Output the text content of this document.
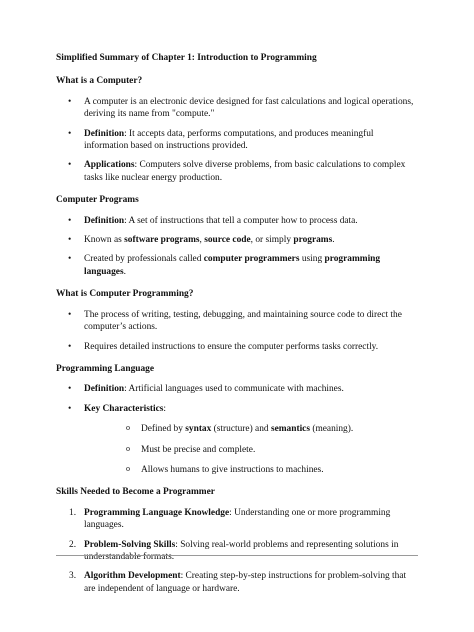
Simplified Summary of Chapter 1: Introduction to Programming
What is a Computer?
• A computer is an electronic device designed for fast calculations and logical operations, deriving its name from "compute."
• Definition: It accepts data, performs computations, and produces meaningful information based on instructions provided.
• Applications: Computers solve diverse problems, from basic calculations to complex tasks like nuclear energy production.
Computer Programs
• Definition: A set of instructions that tell a computer how to process data.
• Known as software programs, source code, or simply programs.
• Created by professionals called computer programmers using programming languages.
What is Computer Programming?
• The process of writing, testing, debugging, and maintaining source code to direct the computer’s actions.
• Requires detailed instructions to ensure the computer performs tasks correctly.
Programming Language
• Definition: Artificial languages used to communicate with machines.
• Key Characteristics:
o Defined by syntax (structure) and semantics (meaning).
o Must be precise and complete.
o Allows humans to give instructions to machines.
Skills Needed to Become a Programmer
1. Programming Language Knowledge: Understanding one or more programming languages.
2. Problem-Solving Skills: Solving real-world problems and representing solutions in understandable formats.
3. Algorithm Development: Creating step-by-step instructions for problem-solving that are independent of language or hardware.
